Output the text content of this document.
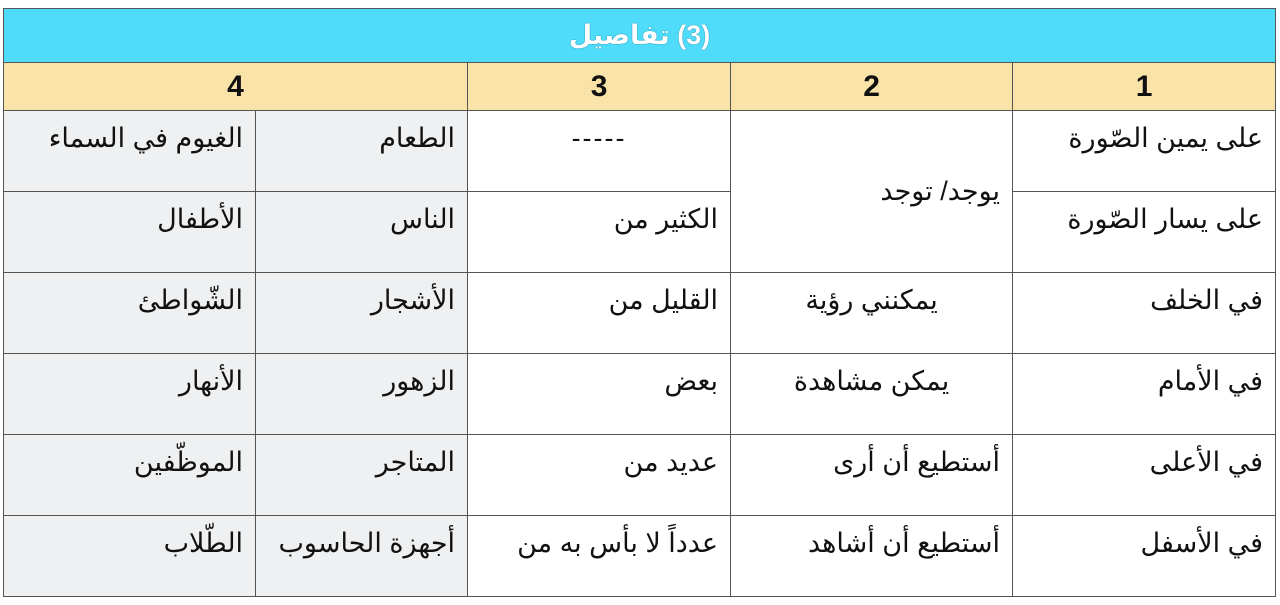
(3) تفاصيل				
1	2	3	4	
على يمين الصّورة	يوجد/ توجد	-----	الطعام	الغيوم في السماء
على يسار الصّورة		الكثير من	الناس	الأطفال
في الخلف	يمكنني رؤية	القليل من	الأشجار	الشّواطئ
في الأمام	يمكن مشاهدة	بعض	الزهور	الأنهار
في الأعلى	أستطيع أن أرى	عديد من	المتاجر	الموظّفين
في الأسفل	أستطيع أن أشاهد	عدداً لا بأس به من	أجهزة الحاسوب	الطّلاب
